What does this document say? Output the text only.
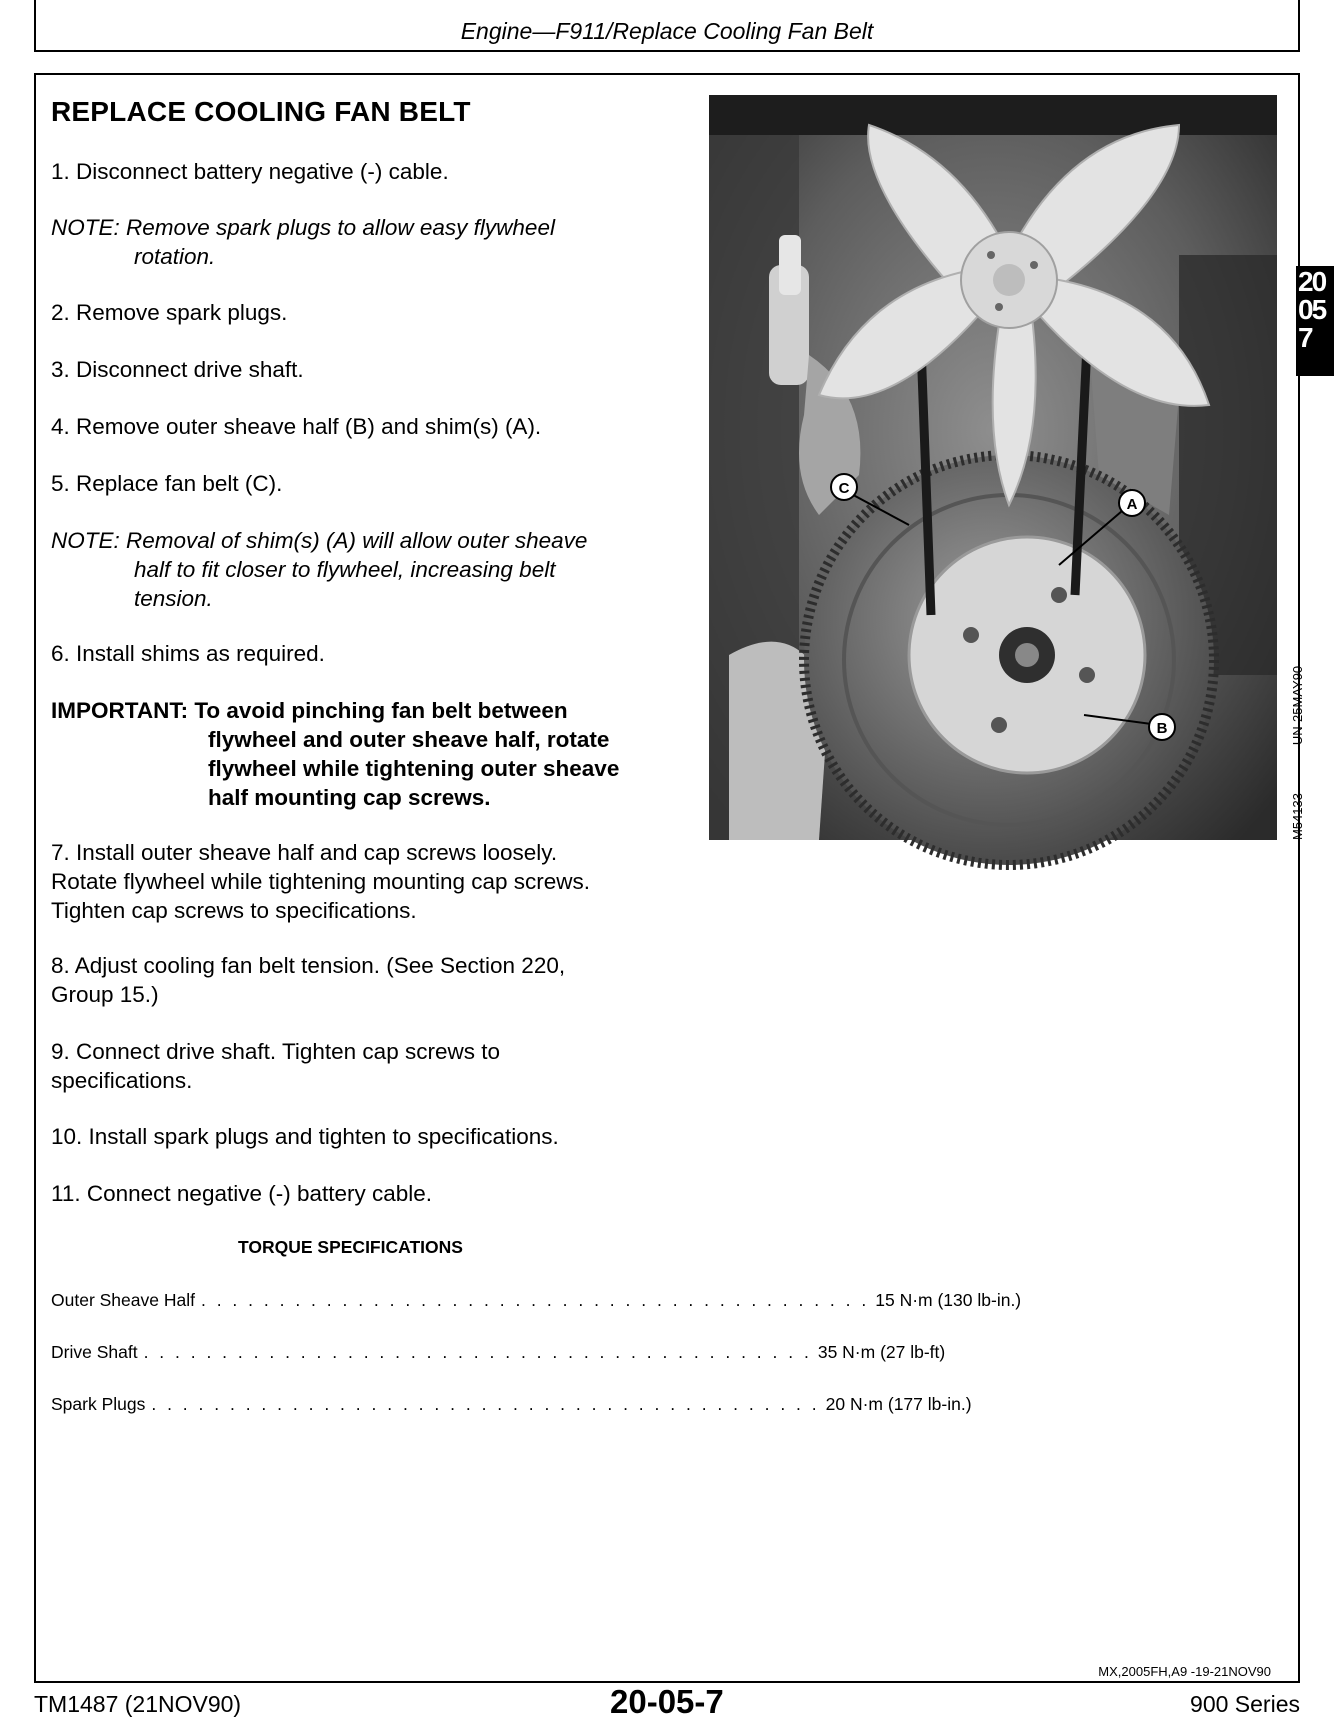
Engine—F911/Replace Cooling Fan Belt
REPLACE COOLING FAN BELT
1. Disconnect battery negative (-) cable.
NOTE: Remove spark plugs to allow easy flywheel
rotation.
2. Remove spark plugs.
3. Disconnect drive shaft.
4. Remove outer sheave half (B) and shim(s) (A).
5. Replace fan belt (C).
NOTE: Removal of shim(s) (A) will allow outer sheave
half to fit closer to flywheel, increasing belt
tension.
6. Install shims as required.
IMPORTANT: To avoid pinching fan belt between
flywheel and outer sheave half, rotate
flywheel while tightening outer sheave
half mounting cap screws.
7. Install outer sheave half and cap screws loosely.
Rotate flywheel while tightening mounting cap screws.
Tighten cap screws to specifications.
8. Adjust cooling fan belt tension. (See Section 220,
Group 15.)
9. Connect drive shaft. Tighten cap screws to
specifications.
10. Install spark plugs and tighten to specifications.
11. Connect negative (-) battery cable.
TORQUE SPECIFICATIONS
Outer Sheave Half . . . . . . . . . . . . . . . . . . . . . . . . . . . . . . . . . . . . . . . . . . . 15 N·m (130 lb-in.)
Drive Shaft . . . . . . . . . . . . . . . . . . . . . . . . . . . . . . . . . . . . . . . . . . . 35 N·m (27 lb-ft)
Spark Plugs . . . . . . . . . . . . . . . . . . . . . . . . . . . . . . . . . . . . . . . . . . . 20 N·m (177 lb-in.)
C
A
B	M54133 -UN-25MAY90
20
05
7
MX,2005FH,A9 -19-21NOV90
TM1487 (21NOV90)	20-05-7	900 Series
